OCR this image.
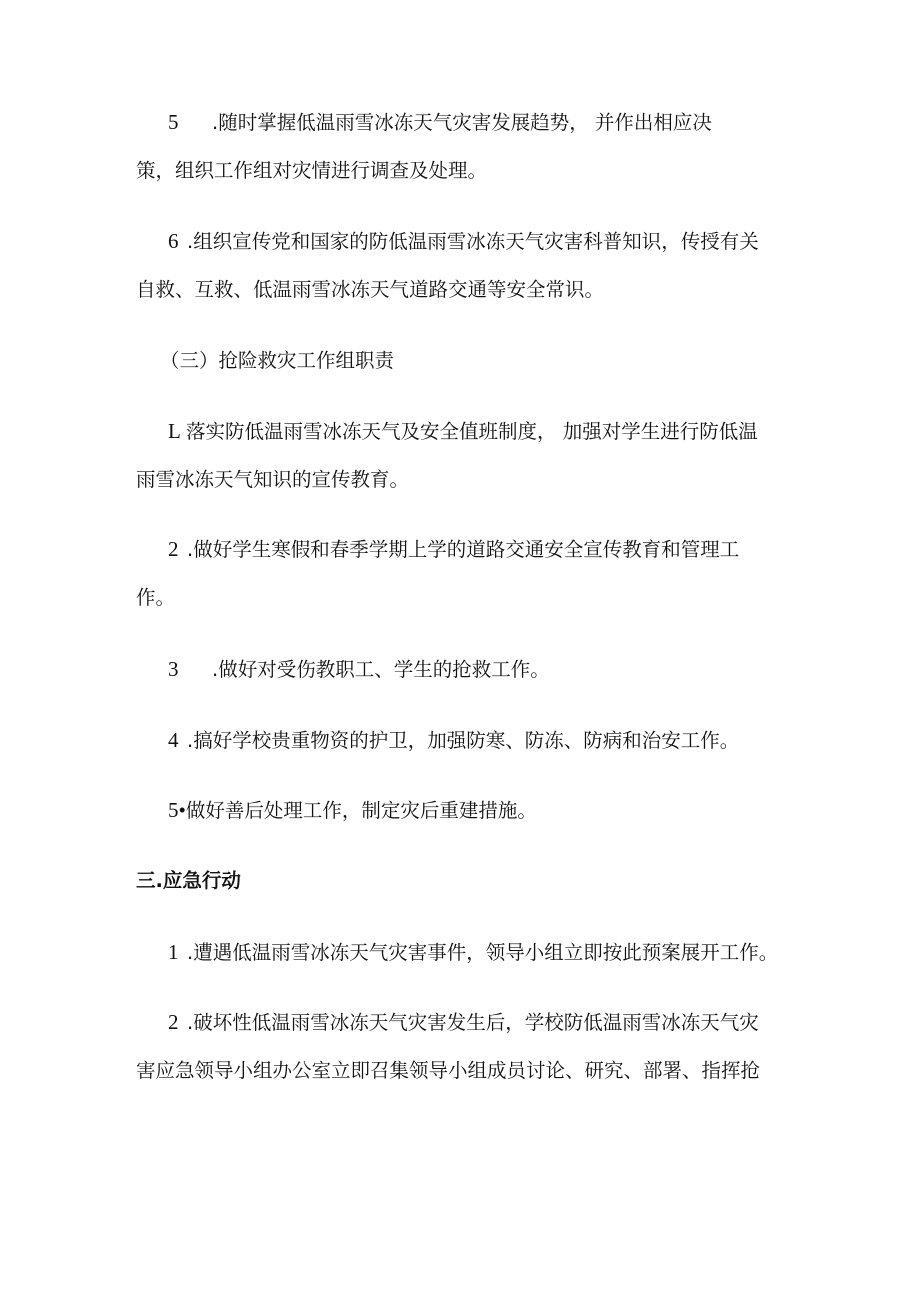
5 .随时掌握低温雨雪冰冻天气灾害发展趋势， 并作出相应决
策，组织工作组对灾情进行调查及处理。
6 .组织宣传党和国家的防低温雨雪冰冻天气灾害科普知识，传授有关
自救、互救、低温雨雪冰冻天气道路交通等安全常识。
（三）抢险救灾工作组职责
L 落实防低温雨雪冰冻天气及安全值班制度， 加强对学生进行防低温
雨雪冰冻天气知识的宣传教育。
2 .做好学生寒假和春季学期上学的道路交通安全宣传教育和管理工
作。
3 .做好对受伤教职工、学生的抢救工作。
4 .搞好学校贵重物资的护卫，加强防寒、防冻、防病和治安工作。
5•做好善后处理工作，制定灾后重建措施。
三.应急行动
1 .遭遇低温雨雪冰冻天气灾害事件，领导小组立即按此预案展开工作。
2 .破坏性低温雨雪冰冻天气灾害发生后，学校防低温雨雪冰冻天气灾
害应急领导小组办公室立即召集领导小组成员讨论、研究、部署、指挥抢
